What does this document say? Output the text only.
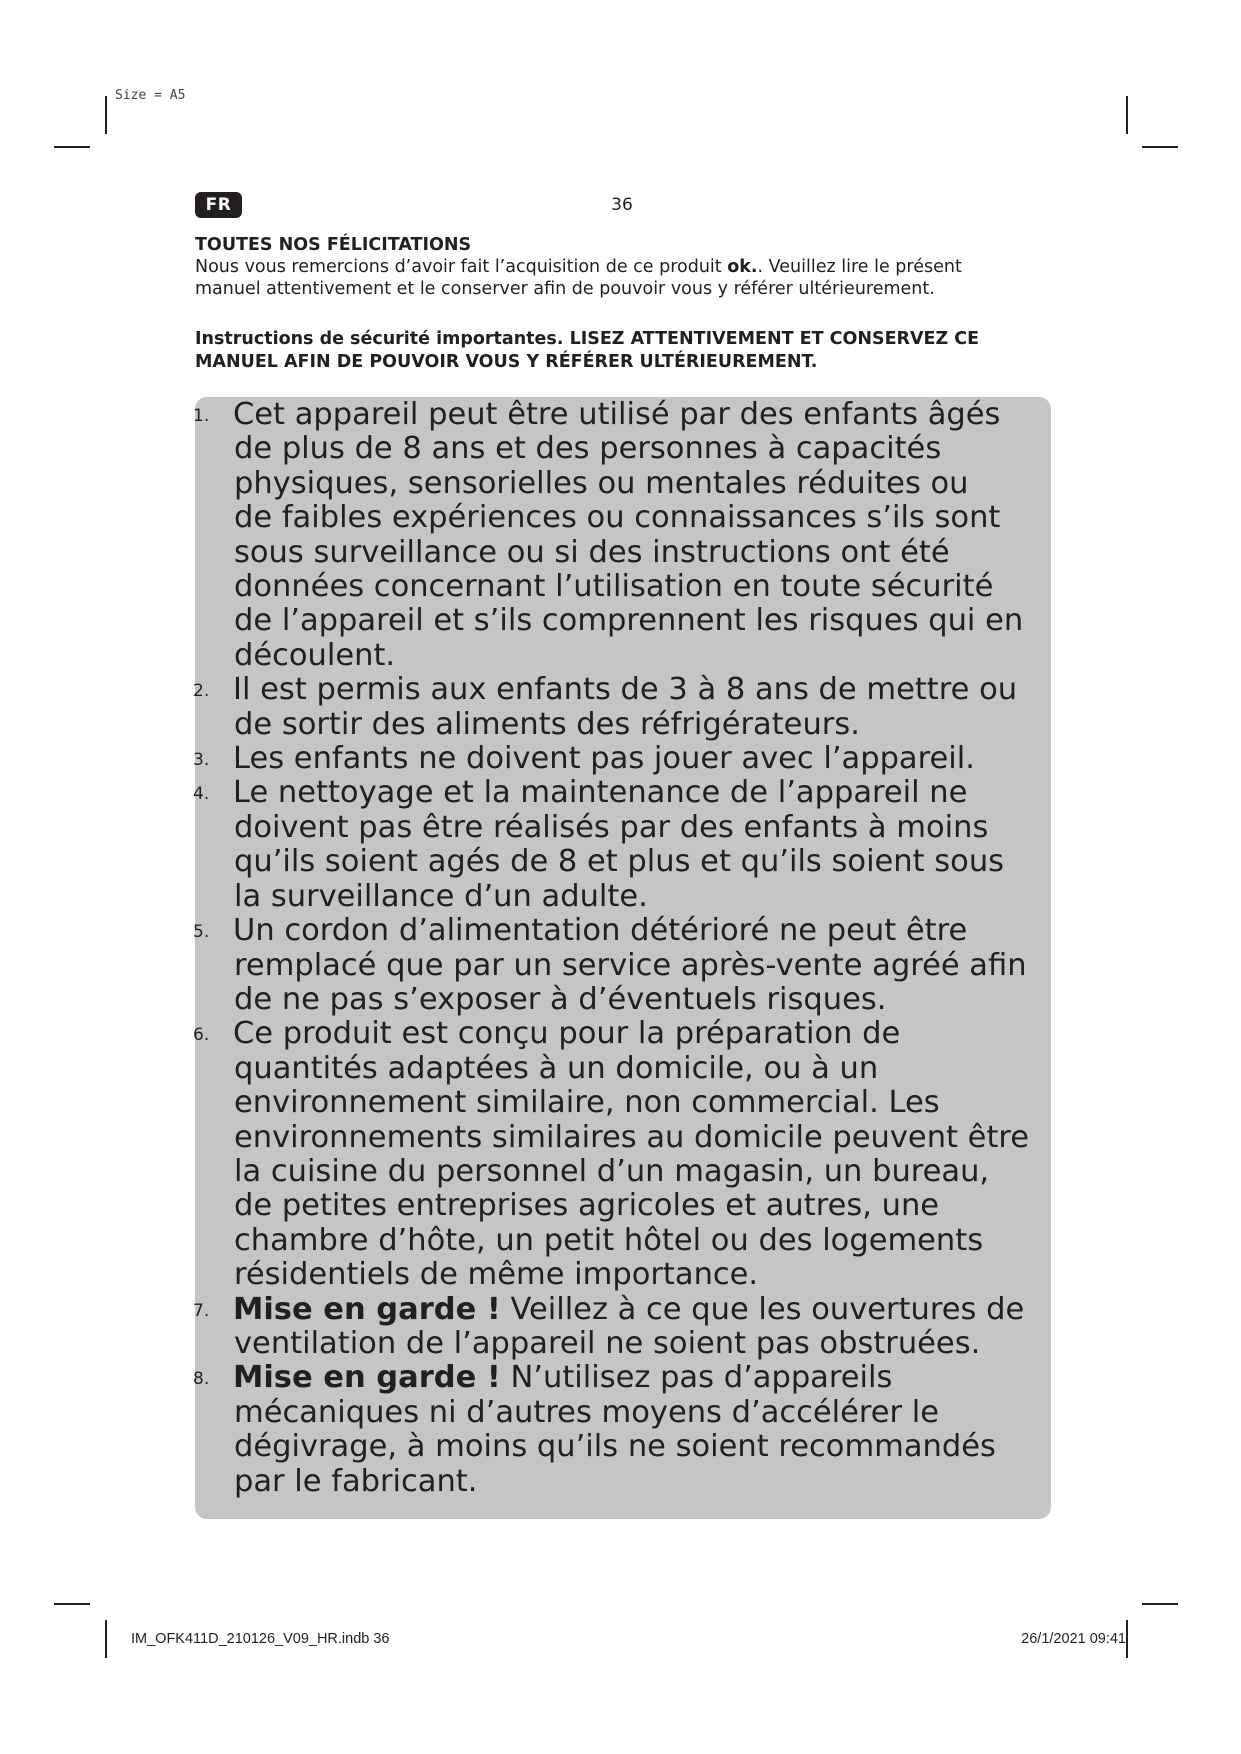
Size = A5
FR	36
TOUTES NOS FÉLICITATIONS
Nous vous remercions d’avoir fait l’acquisition de ce produit ok.. Veuillez lire le présent
manuel attentivement et le conserver afin de pouvoir vous y référer ultérieurement.
Instructions de sécurité importantes. LISEZ ATTENTIVEMENT ET CONSERVEZ CE
MANUEL AFIN DE POUVOIR VOUS Y RÉFÉRER ULTÉRIEUREMENT.
1. Cet appareil peut être utilisé par des enfants âgés
de plus de 8 ans et des personnes à capacités
physiques, sensorielles ou mentales réduites ou
de faibles expériences ou connaissances s’ils sont
sous surveillance ou si des instructions ont été
données concernant l’utilisation en toute sécurité
de l’appareil et s’ils comprennent les risques qui en
découlent.
2. Il est permis aux enfants de 3 à 8 ans de mettre ou
de sortir des aliments des réfrigérateurs.
3. Les enfants ne doivent pas jouer avec l’appareil.
4. Le nettoyage et la maintenance de l’appareil ne
doivent pas être réalisés par des enfants à moins
qu’ils soient agés de 8 et plus et qu’ils soient sous
la surveillance d’un adulte.
5. Un cordon d’alimentation détérioré ne peut être
remplacé que par un service après-vente agréé afin
de ne pas s’exposer à d’éventuels risques.
6. Ce produit est conçu pour la préparation de
quantités adaptées à un domicile, ou à un
environnement similaire, non commercial. Les
environnements similaires au domicile peuvent être
la cuisine du personnel d’un magasin, un bureau,
de petites entreprises agricoles et autres, une
chambre d’hôte, un petit hôtel ou des logements
résidentiels de même importance.
7. Mise en garde ! Veillez à ce que les ouvertures de
ventilation de l’appareil ne soient pas obstruées.
8. Mise en garde ! N’utilisez pas d’appareils
mécaniques ni d’autres moyens d’accélérer le
dégivrage, à moins qu’ils ne soient recommandés
par le fabricant.
IM_OFK411D_210126_V09_HR.indb 36	26/1/2021 09:41
